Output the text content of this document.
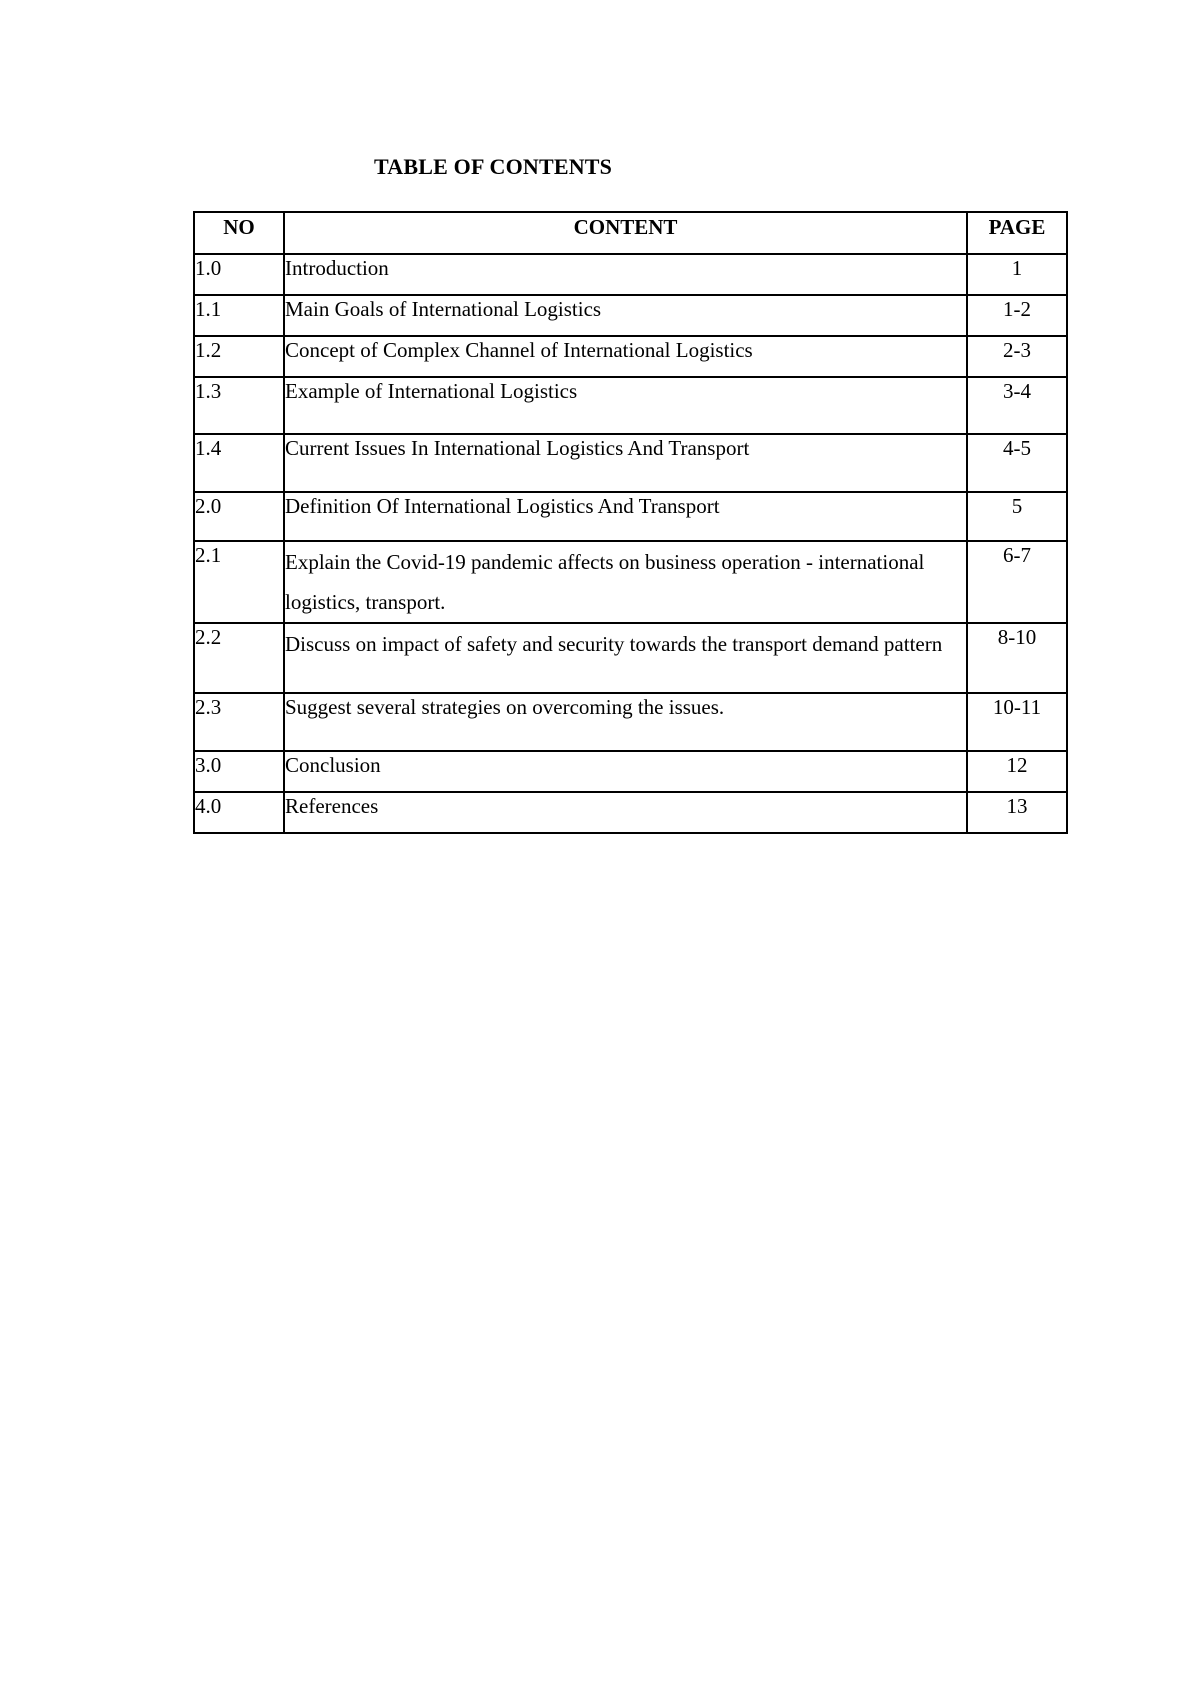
TABLE OF CONTENTS
NO	CONTENT	PAGE
1.0	Introduction	1
1.1	Main Goals of International Logistics	1-2
1.2	Concept of Complex Channel of International Logistics	2-3
1.3	Example of International Logistics	3-4
1.4	Current Issues In International Logistics And Transport	4-5
2.0	Definition Of International Logistics And Transport	5
2.1	Explain the Covid-19 pandemic affects on business operation - international logistics, transport.	6-7
2.2	Discuss on impact of safety and security towards the transport demand pattern	8-10
2.3	Suggest several strategies on overcoming the issues.	10-11
3.0	Conclusion	12
4.0	References	13
